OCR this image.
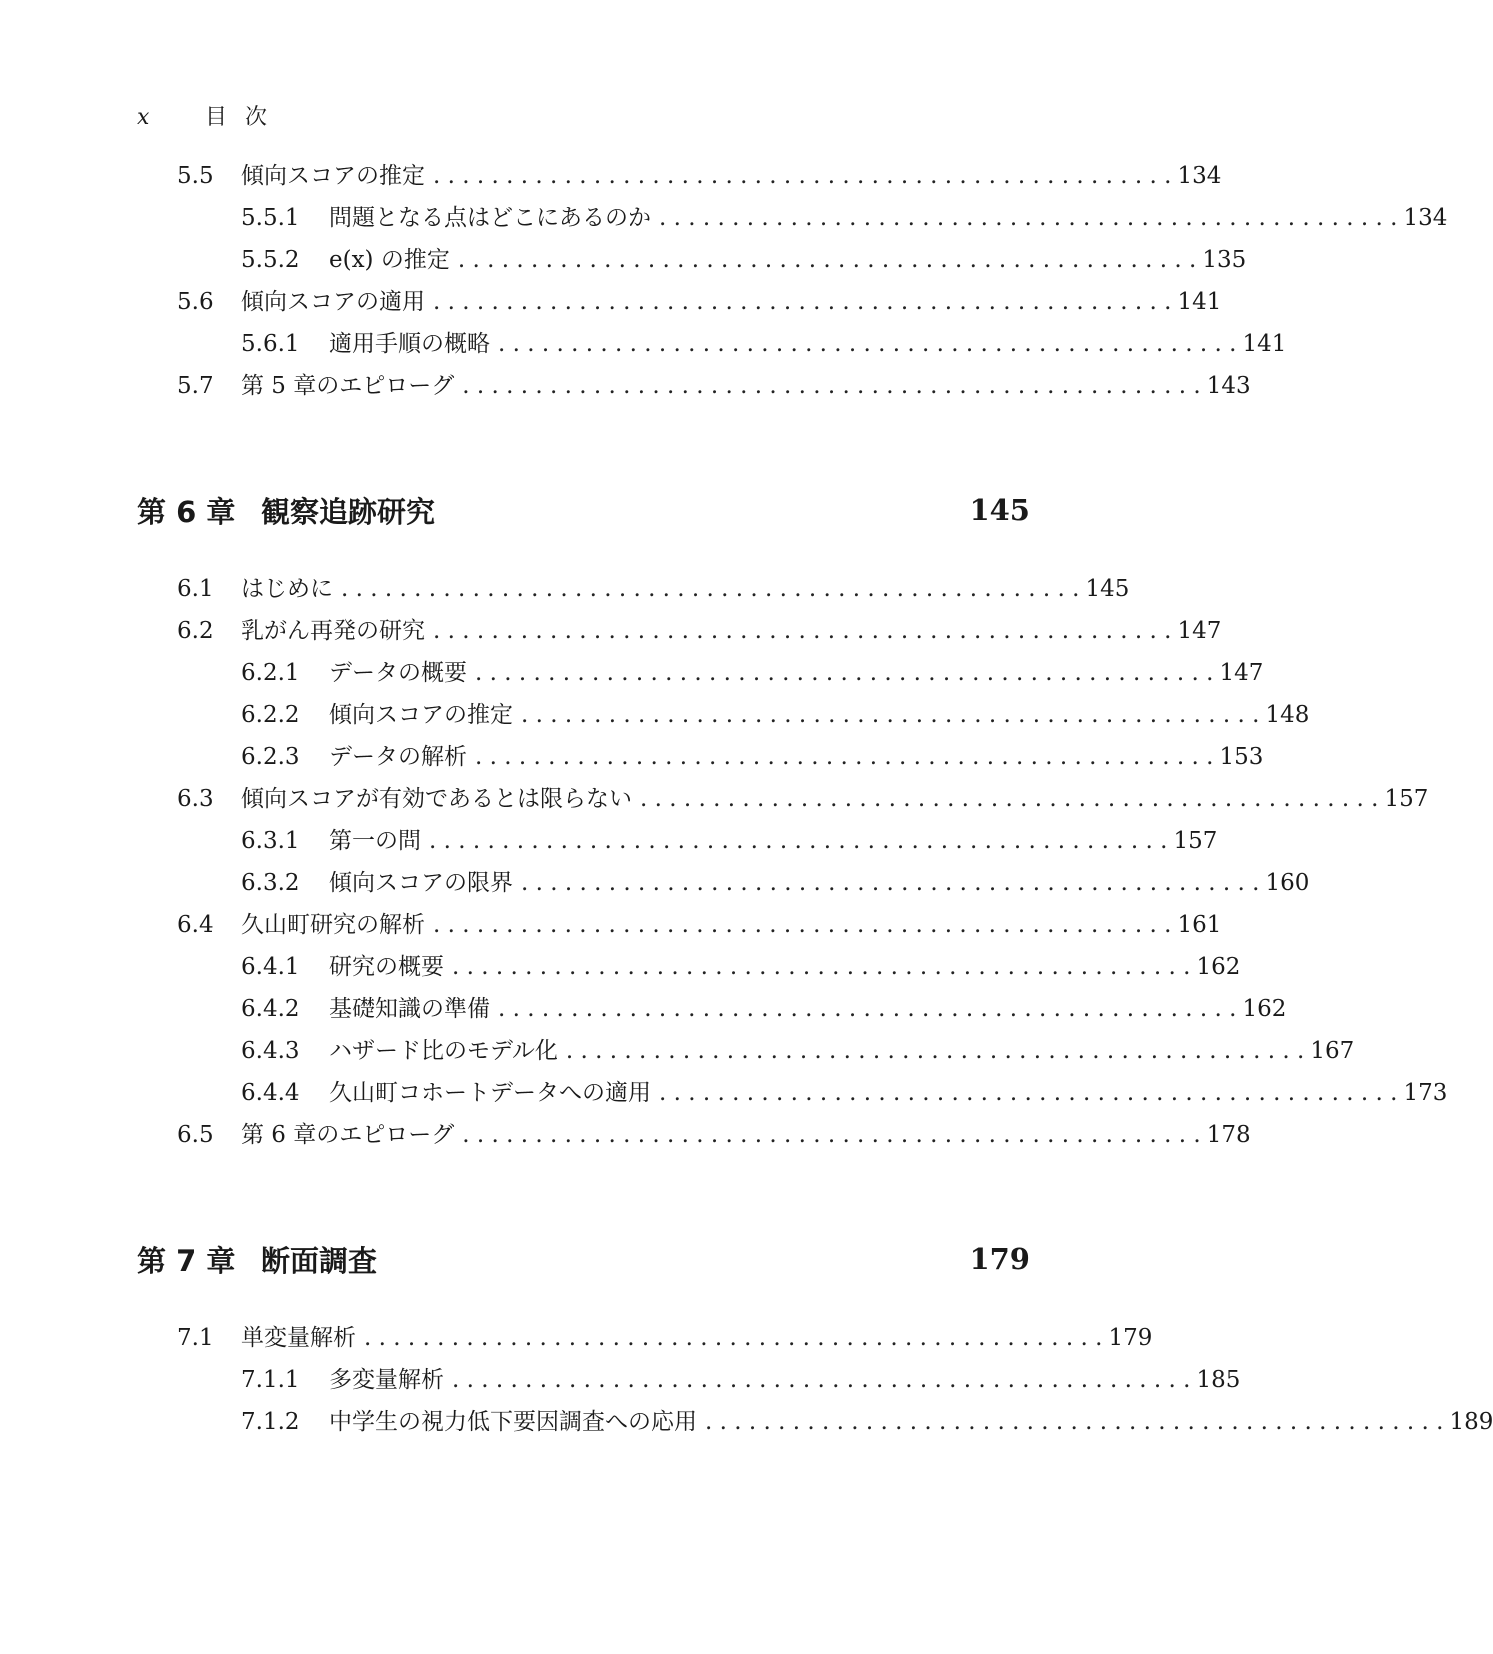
x	目 次
5.5	傾向スコアの推定 . . . . . . . . . . . . . . . . . . . . . . . . . . . . . . . . . . . . . . . . . . . . . . . . . . . 134
5.5.1	問題となる点はどこにあるのか . . . . . . . . . . . . . . . . . . . . . . . . . . . . . . . . . . . . . . . . . . . . . . . . . . . 134
5.5.2	e(x) の推定 . . . . . . . . . . . . . . . . . . . . . . . . . . . . . . . . . . . . . . . . . . . . . . . . . . . 135
5.6	傾向スコアの適用 . . . . . . . . . . . . . . . . . . . . . . . . . . . . . . . . . . . . . . . . . . . . . . . . . . . 141
5.6.1	適用手順の概略 . . . . . . . . . . . . . . . . . . . . . . . . . . . . . . . . . . . . . . . . . . . . . . . . . . . 141
5.7	第 5 章のエピローグ . . . . . . . . . . . . . . . . . . . . . . . . . . . . . . . . . . . . . . . . . . . . . . . . . . . 143
第 6 章 観察追跡研究	145
6.1	はじめに . . . . . . . . . . . . . . . . . . . . . . . . . . . . . . . . . . . . . . . . . . . . . . . . . . . 145
6.2	乳がん再発の研究 . . . . . . . . . . . . . . . . . . . . . . . . . . . . . . . . . . . . . . . . . . . . . . . . . . . 147
6.2.1	データの概要 . . . . . . . . . . . . . . . . . . . . . . . . . . . . . . . . . . . . . . . . . . . . . . . . . . . 147
6.2.2	傾向スコアの推定 . . . . . . . . . . . . . . . . . . . . . . . . . . . . . . . . . . . . . . . . . . . . . . . . . . . 148
6.2.3	データの解析 . . . . . . . . . . . . . . . . . . . . . . . . . . . . . . . . . . . . . . . . . . . . . . . . . . . 153
6.3	傾向スコアが有効であるとは限らない . . . . . . . . . . . . . . . . . . . . . . . . . . . . . . . . . . . . . . . . . . . . . . . . . . . 157
6.3.1	第一の問 . . . . . . . . . . . . . . . . . . . . . . . . . . . . . . . . . . . . . . . . . . . . . . . . . . . 157
6.3.2	傾向スコアの限界 . . . . . . . . . . . . . . . . . . . . . . . . . . . . . . . . . . . . . . . . . . . . . . . . . . . 160
6.4	久山町研究の解析 . . . . . . . . . . . . . . . . . . . . . . . . . . . . . . . . . . . . . . . . . . . . . . . . . . . 161
6.4.1	研究の概要 . . . . . . . . . . . . . . . . . . . . . . . . . . . . . . . . . . . . . . . . . . . . . . . . . . . 162
6.4.2	基礎知識の準備 . . . . . . . . . . . . . . . . . . . . . . . . . . . . . . . . . . . . . . . . . . . . . . . . . . . 162
6.4.3	ハザード比のモデル化 . . . . . . . . . . . . . . . . . . . . . . . . . . . . . . . . . . . . . . . . . . . . . . . . . . . 167
6.4.4	久山町コホートデータへの適用 . . . . . . . . . . . . . . . . . . . . . . . . . . . . . . . . . . . . . . . . . . . . . . . . . . . 173
6.5	第 6 章のエピローグ . . . . . . . . . . . . . . . . . . . . . . . . . . . . . . . . . . . . . . . . . . . . . . . . . . . 178
第 7 章 断面調査	179
7.1	単変量解析 . . . . . . . . . . . . . . . . . . . . . . . . . . . . . . . . . . . . . . . . . . . . . . . . . . . 179
7.1.1	多変量解析 . . . . . . . . . . . . . . . . . . . . . . . . . . . . . . . . . . . . . . . . . . . . . . . . . . . 185
7.1.2	中学生の視力低下要因調査への応用 . . . . . . . . . . . . . . . . . . . . . . . . . . . . . . . . . . . . . . . . . . . . . . . . . . . 189
